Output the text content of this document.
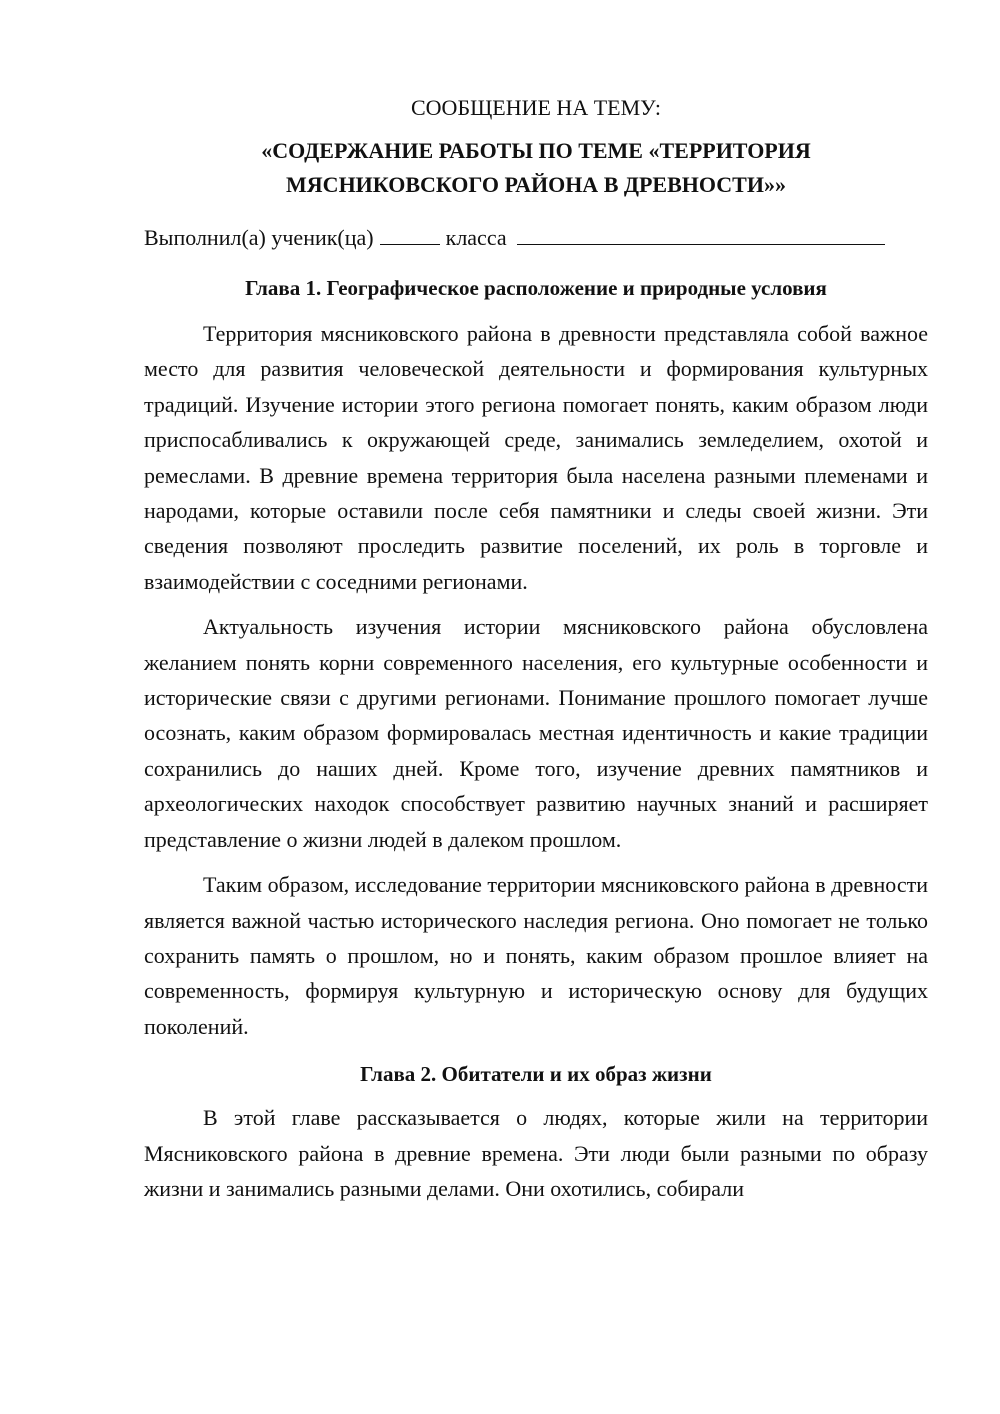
СООБЩЕНИЕ НА ТЕМУ:
«СОДЕРЖАНИЕ РАБОТЫ ПО ТЕМЕ «ТЕРРИТОРИЯ
МЯСНИКОВСКОГО РАЙОНА В ДРЕВНОСТИ»»
Выполнил(а) ученик(ца)	класса
Глава 1. Географическое расположение и природные условия

Территория мясниковского района в древности представляла собой важное место для развития человеческой деятельности и формирования культурных традиций. Изучение истории этого региона помогает понять, каким образом люди приспосабливались к окружающей среде, занимались земледелием, охотой и ремеслами. В древние времена территория была населена разными племенами и народами, которые оставили после себя памятники и следы своей жизни. Эти сведения позволяют проследить развитие поселений, их роль в торговле и взаимодействии с соседними регионами.

Актуальность изучения истории мясниковского района обусловлена желанием понять корни современного населения, его культурные особенности и исторические связи с другими регионами. Понимание прошлого помогает лучше осознать, каким образом формировалась местная идентичность и какие традиции сохранились до наших дней. Кроме того, изучение древних памятников и археологических находок способствует развитию научных знаний и расширяет представление о жизни людей в далеком прошлом.

Таким образом, исследование территории мясниковского района в древности является важной частью исторического наследия региона. Оно помогает не только сохранить память о прошлом, но и понять, каким образом прошлое влияет на современность, формируя культурную и историческую основу для будущих поколений.

Глава 2. Обитатели и их образ жизни

В этой главе рассказывается о людях, которые жили на территории Мясниковского района в древние времена. Эти люди были разными по образу жизни и занимались разными делами. Они охотились, собирали
